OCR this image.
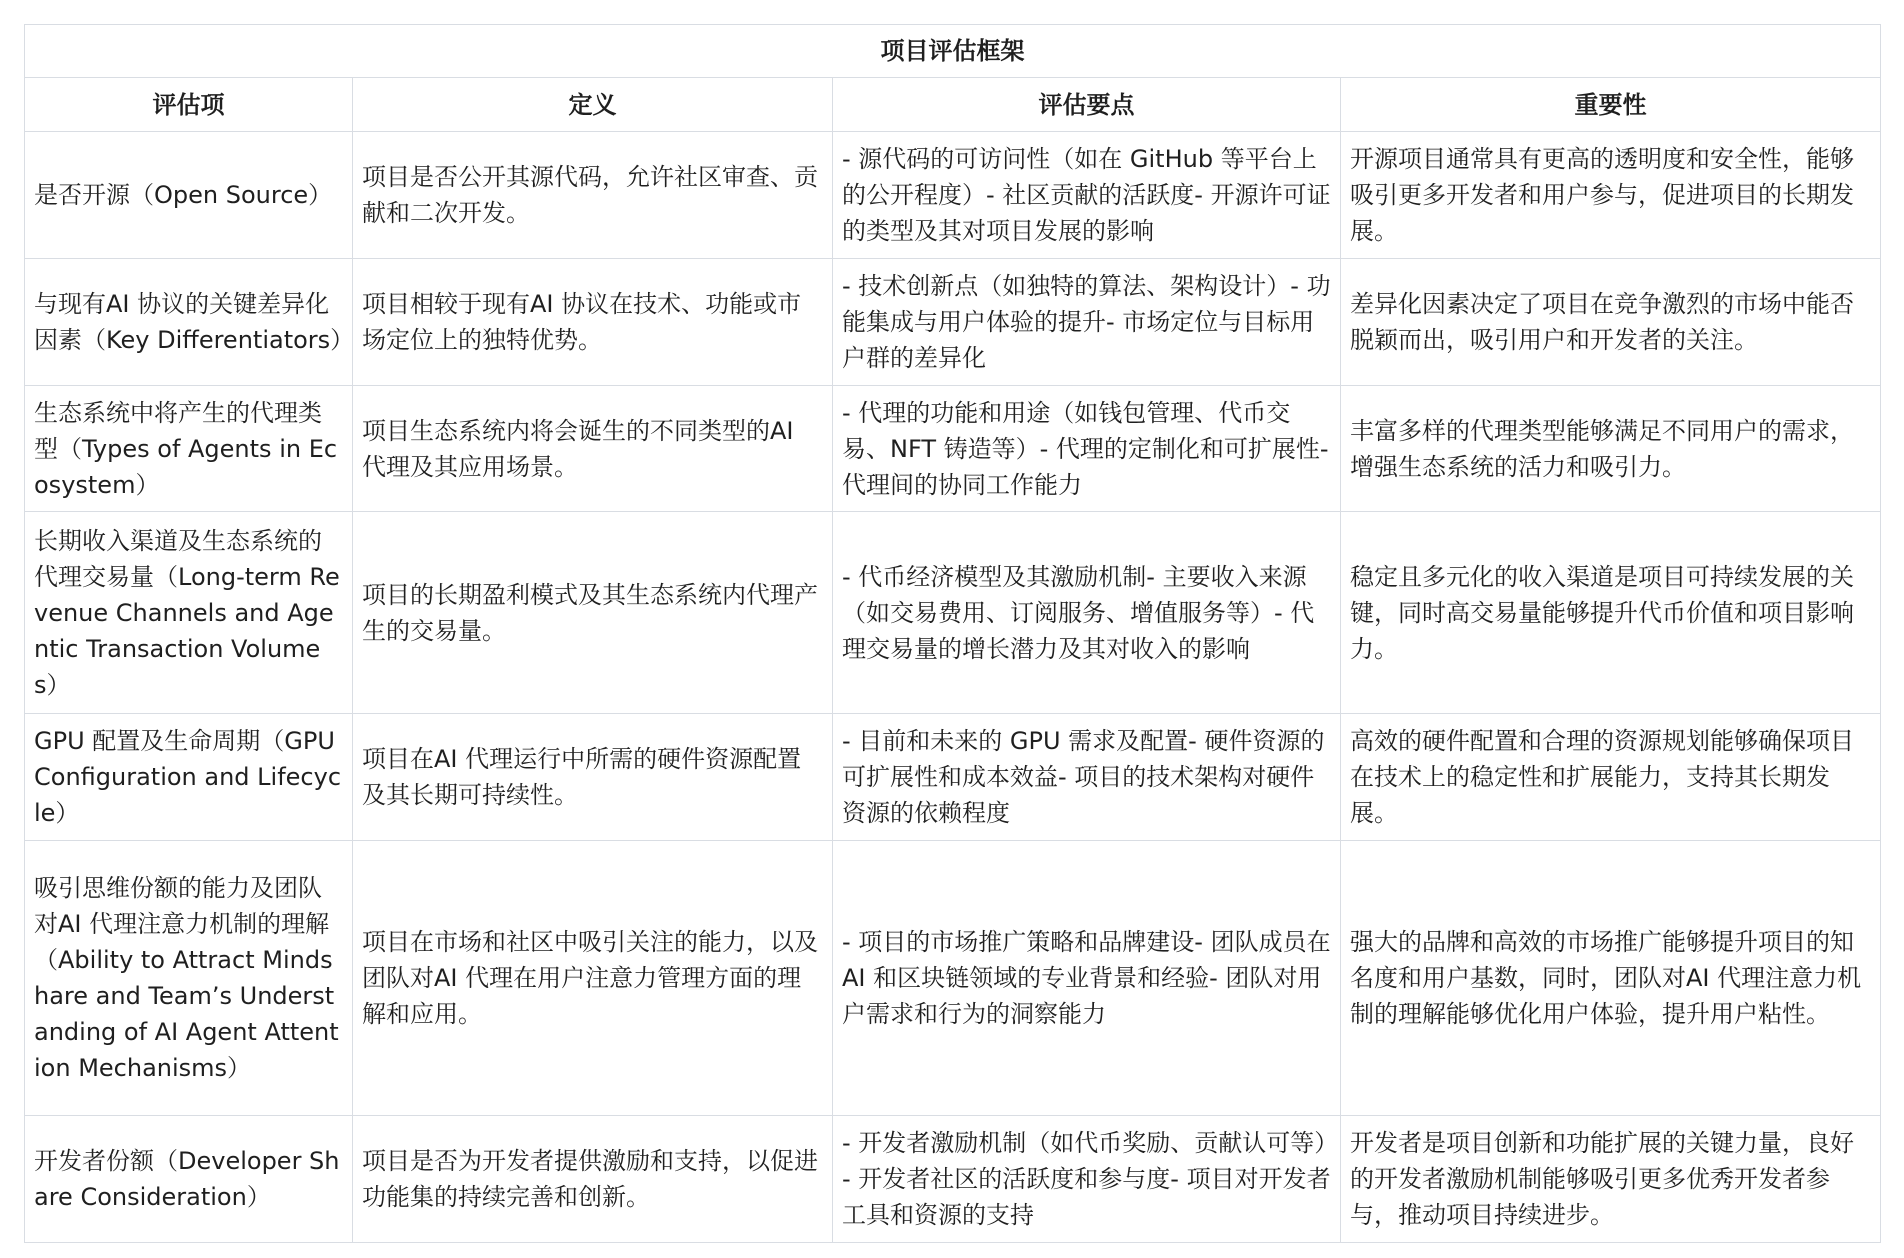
项目评估框架			
评估项	定义	评估要点	重要性
是否开源（Open Source）	项目是否公开其源代码，允许社区审查、贡献和二次开发。	- 源代码的可访问性（如在 GitHub 等平台上的公开程度）- 社区贡献的活跃度- 开源许可证的类型及其对项目发展的影响	开源项目通常具有更高的透明度和安全性，能够吸引更多开发者和用户参与，促进项目的长期发展。
与现有AI 协议的关键差异化因素（Key Differentiators）	项目相较于现有AI 协议在技术、功能或市场定位上的独特优势。	- 技术创新点（如独特的算法、架构设计）- 功能集成与用户体验的提升- 市场定位与目标用户群的差异化	差异化因素决定了项目在竞争激烈的市场中能否脱颖而出，吸引用户和开发者的关注。
生态系统中将产生的代理类型（Types of Agents in Ecosystem）	项目生态系统内将会诞生的不同类型的AI 代理及其应用场景。	- 代理的功能和用途（如钱包管理、代币交易、NFT 铸造等）- 代理的定制化和可扩展性- 代理间的协同工作能力	丰富多样的代理类型能够满足不同用户的需求，增强生态系统的活力和吸引力。
长期收入渠道及生态系统的代理交易量（Long-term Revenue Channels and Agentic Transaction Volumes）	项目的长期盈利模式及其生态系统内代理产生的交易量。	- 代币经济模型及其激励机制- 主要收入来源（如交易费用、订阅服务、增值服务等）- 代理交易量的增长潜力及其对收入的影响	稳定且多元化的收入渠道是项目可持续发展的关键，同时高交易量能够提升代币价值和项目影响力。
GPU 配置及生命周期（GPU Configuration and Lifecycle）	项目在AI 代理运行中所需的硬件资源配置及其长期可持续性。	- 目前和未来的 GPU 需求及配置- 硬件资源的可扩展性和成本效益- 项目的技术架构对硬件资源的依赖程度	高效的硬件配置和合理的资源规划能够确保项目在技术上的稳定性和扩展能力，支持其长期发展。
吸引思维份额的能力及团队对AI 代理注意力机制的理解（Ability to Attract Mindshare and Team’s Understanding of AI Agent Attention Mechanisms）	项目在市场和社区中吸引关注的能力，以及团队对AI 代理在用户注意力管理方面的理解和应用。	- 项目的市场推广策略和品牌建设- 团队成员在 AI 和区块链领域的专业背景和经验- 团队对用户需求和行为的洞察能力	强大的品牌和高效的市场推广能够提升项目的知名度和用户基数，同时，团队对AI 代理注意力机制的理解能够优化用户体验，提升用户粘性。
开发者份额（Developer Share Consideration）	项目是否为开发者提供激励和支持，以促进功能集的持续完善和创新。	- 开发者激励机制（如代币奖励、贡献认可等）- 开发者社区的活跃度和参与度- 项目对开发者工具和资源的支持	开发者是项目创新和功能扩展的关键力量，良好的开发者激励机制能够吸引更多优秀开发者参与，推动项目持续进步。
